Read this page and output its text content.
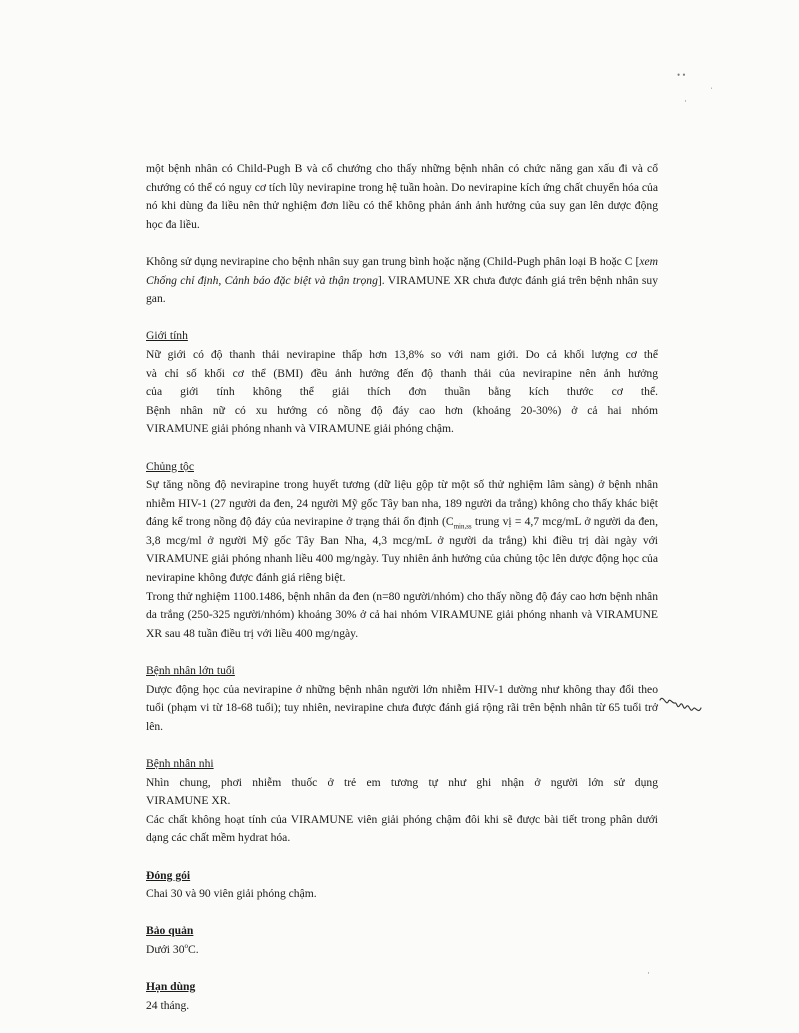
• •
ˈ
·
·

một bệnh nhân có Child-Pugh B và cổ chướng cho thấy những bệnh nhân có chức năng gan xấu đi và cổ chướng có thể có nguy cơ tích lũy nevirapine trong hệ tuần hoàn. Do nevirapine kích ứng chất chuyển hóa của nó khi dùng đa liều nên thử nghiệm đơn liều có thể không phản ánh ảnh hưởng của suy gan lên dược động học đa liều.

Không sử dụng nevirapine cho bệnh nhân suy gan trung bình hoặc nặng (Child-Pugh phân loại B hoặc C [xem Chống chỉ định, Cảnh báo đặc biệt và thận trọng]. VIRAMUNE XR chưa được đánh giá trên bệnh nhân suy gan.

Giới tính

Nữ giới có độ thanh thải nevirapine thấp hơn 13,8% so với nam giới. Do cả khối lượng cơ thể

và chỉ số khối cơ thể (BMI) đều ảnh hưởng đến độ thanh thải của nevirapine nên ảnh hưởng

của giới tính không thể giải thích đơn thuần bằng kích thước cơ thể.

Bệnh nhân nữ có xu hướng có nồng độ đáy cao hơn (khoảng 20-30%) ở cả hai nhóm

VIRAMUNE giải phóng nhanh và VIRAMUNE giải phóng chậm.

Chủng tộc

Sự tăng nồng độ nevirapine trong huyết tương (dữ liệu gộp từ một số thử nghiệm lâm sàng) ở bệnh nhân nhiễm HIV-1 (27 người da đen, 24 người Mỹ gốc Tây ban nha, 189 người da trắng) không cho thấy khác biệt đáng kể trong nồng độ đáy của nevirapine ở trạng thái ổn định ($C_{min,ss}$ trung vị = 4,7 mcg/mL ở người da đen, 3,8 mcg/ml ở người Mỹ gốc Tây Ban Nha, 4,3 mcg/mL ở người da trắng) khi điều trị dài ngày với VIRAMUNE giải phóng nhanh liều 400 mg/ngày. Tuy nhiên ảnh hưởng của chủng tộc lên dược động học của nevirapine không được đánh giá riêng biệt.

Trong thử nghiệm 1100.1486, bệnh nhân da đen (n=80 người/nhóm) cho thấy nồng độ đáy cao hơn bệnh nhân da trắng (250-325 người/nhóm) khoảng 30% ở cả hai nhóm VIRAMUNE giải phóng nhanh và VIRAMUNE XR sau 48 tuần điều trị với liều 400 mg/ngày.

Bệnh nhân lớn tuổi

Dược động học của nevirapine ở những bệnh nhân người lớn nhiễm HIV-1 dường như không thay đổi theo tuổi (phạm vi từ 18-68 tuổi); tuy nhiên, nevirapine chưa được đánh giá rộng rãi trên bệnh nhân từ 65 tuổi trở lên.

Bệnh nhân nhi

Nhìn chung, phơi nhiễm thuốc ở trẻ em tương tự như ghi nhận ở người lớn sử dụng

VIRAMUNE XR.

Các chất không hoạt tính của VIRAMUNE viên giải phóng chậm đôi khi sẽ được bài tiết trong phân dưới dạng các chất mềm hydrat hóa.

Đóng gói

Chai 30 và 90 viên giải phóng chậm.

Bảo quản

Dưới 30$^o$C.

Hạn dùng

24 tháng.
